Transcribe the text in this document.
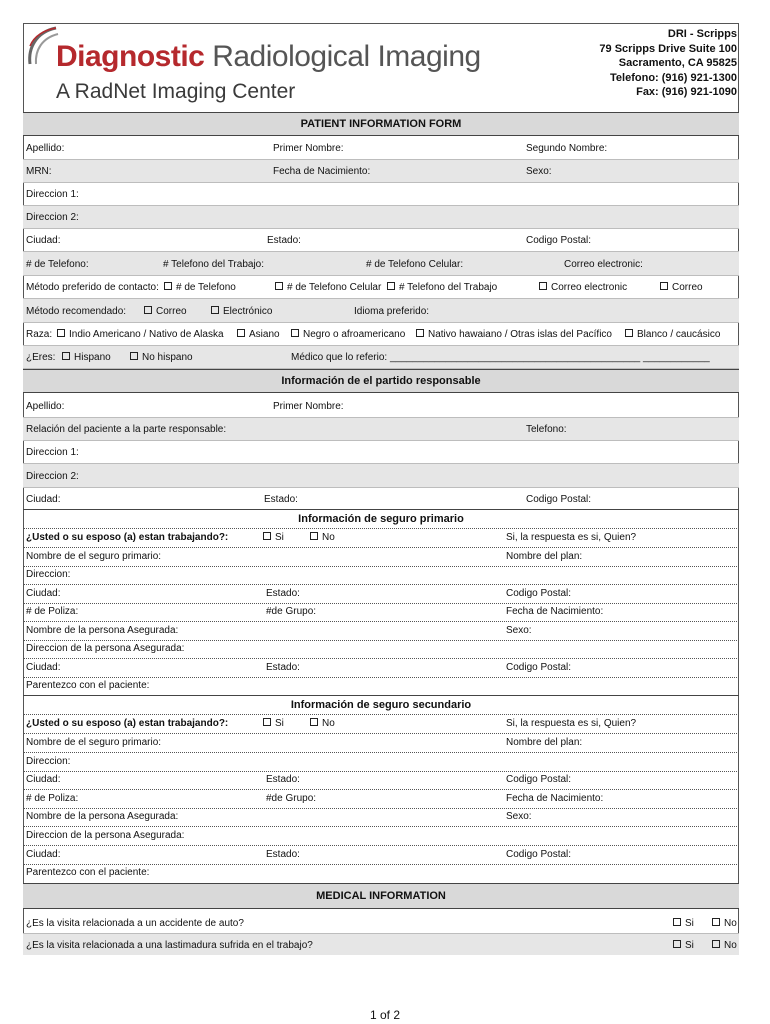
Diagnostic Radiological Imaging
A RadNet Imaging Center
DRI - Scripps
79 Scripps Drive Suite 100
Sacramento, CA 95825
Telefono: (916) 921-1300
Fax: (916) 921-1090
PATIENT INFORMATION FORM
Apellido:	Primer Nombre:	Segundo Nombre:
MRN:	Fecha de Nacimiento:	Sexo:
Direccion 1:
Direccion 2:
Ciudad:	Estado:	Codigo Postal:
# de Telefono:	# Telefono del Trabajo:	# de Telefono Celular:	Correo electronic:
Método preferido de contacto:	# de Telefono	# de Telefono Celular	# Telefono del Trabajo	Correo electronic	Correo
Método recomendado:	Correo	Electrónico	Idioma preferido:
Raza:	Indio Americano / Nativo de Alaska	Asiano	Negro o afroamericano	Nativo hawaiano / Otras islas del Pacífico	Blanco / caucásico
¿Eres:	Hispano	No hispano	Médico que lo referio: _____________________________________________ ____________
Información de el partido responsable
Apellido:	Primer Nombre:
Relación del paciente a la parte responsable:	Telefono:
Direccion 1:
Direccion 2:
Ciudad:	Estado:	Codigo Postal:
Información de seguro primario
¿Usted o su esposo (a) estan trabajando?:	Si	No	Si, la respuesta es si, Quien?
Nombre de el seguro primario:	Nombre del plan:
Direccion:
Ciudad:	Estado:	Codigo Postal:
# de Poliza:	#de Grupo:	Fecha de Nacimiento:
Nombre de la persona Asegurada:	Sexo:
Direccion de la persona Asegurada:
Ciudad:	Estado:	Codigo Postal:
Parentezco con el paciente:
Información de seguro secundario
¿Usted o su esposo (a) estan trabajando?:	Si	No	Si, la respuesta es si, Quien?
Nombre de el seguro primario:	Nombre del plan:
Direccion:
Ciudad:	Estado:	Codigo Postal:
# de Poliza:	#de Grupo:	Fecha de Nacimiento:
Nombre de la persona Asegurada:	Sexo:
Direccion de la persona Asegurada:
Ciudad:	Estado:	Codigo Postal:
Parentezco con el paciente:
MEDICAL INFORMATION
¿Es la visita relacionada a un accidente de auto?	Si	No
¿Es la visita relacionada a una lastimadura sufrida en el trabajo?	Si	No
1 of 2
